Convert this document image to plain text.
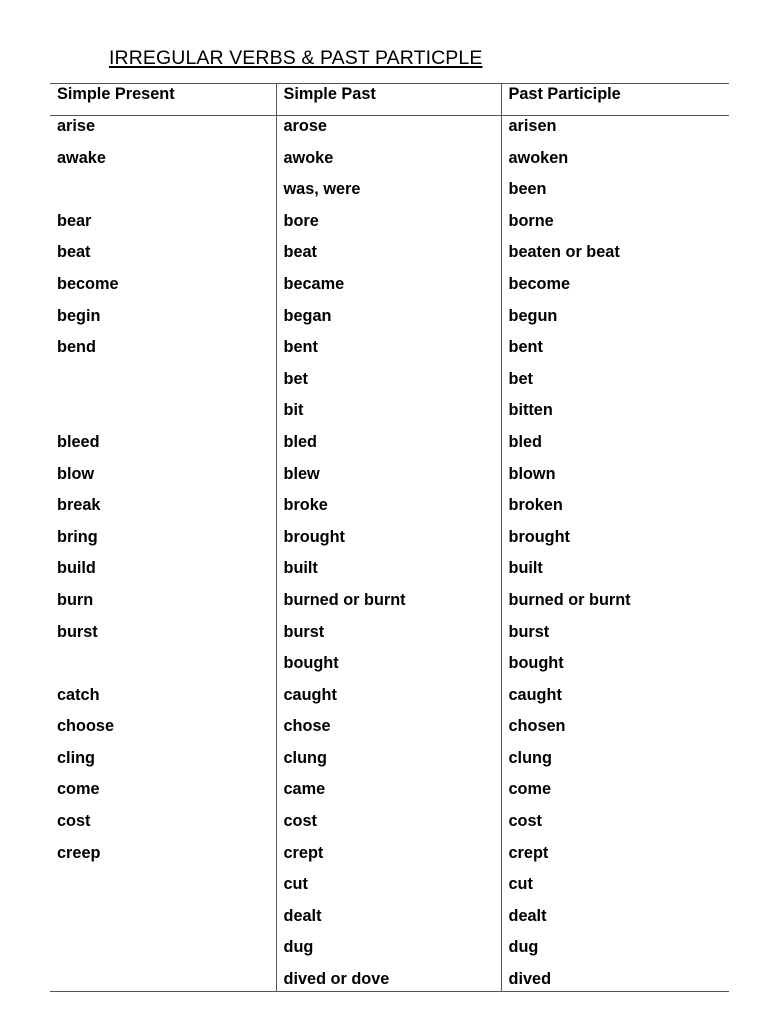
IRREGULAR VERBS & PAST PARTICPLE
Simple Present	Simple Past	Past Participle
arise	arose	arisen
awake	awoke	awoken
	was, were	been
bear	bore	borne
beat	beat	beaten or beat
become	became	become
begin	began	begun
bend	bent	bent
	bet	bet
	bit	bitten
bleed	bled	bled
blow	blew	blown
break	broke	broken
bring	brought	brought
build	built	built
burn	burned or burnt	burned or burnt
burst	burst	burst
	bought	bought
catch	caught	caught
choose	chose	chosen
cling	clung	clung
come	came	come
cost	cost	cost
creep	crept	crept
	cut	cut
	dealt	dealt
	dug	dug
	dived or dove	dived
